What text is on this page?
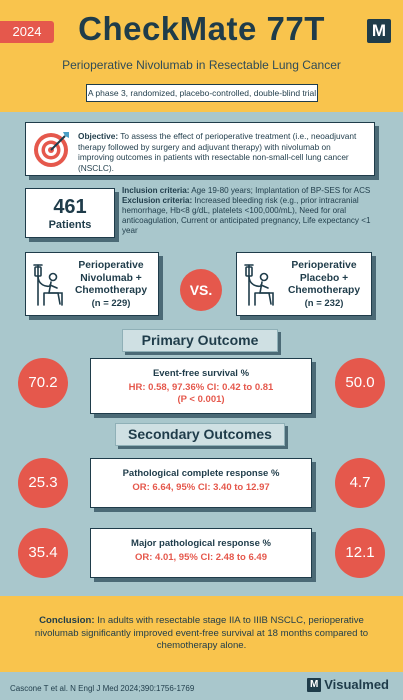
2024	CheckMate 77T	M
Perioperative Nivolumab in Resectable Lung Cancer
A phase 3, randomized, placebo-controlled, double-blind trial
Objective: To assess the effect of perioperative treatment (i.e., neoadjuvant therapy followed by surgery and adjuvant therapy) with nivolumab on improving outcomes in patients with resectable non-small-cell lung cancer (NSCLC).
461
Patients
Inclusion criteria: Age 19-80 years; Implantation of BP-SES for ACS
Exclusion criteria: Increased bleeding risk (e.g., prior intracranial hemorrhage, Hb<8 g/dL, platelets <100,000/mL), Need for oral anticoagulation, Current or anticipated pregnancy, Life expectancy <1 year
Perioperative
Nivolumab +
Chemotherapy
(n = 229)
VS.
Perioperative
Placebo +
Chemotherapy
(n = 232)
Primary Outcome
70.2
Event-free survival %
HR: 0.58, 97.36% CI: 0.42 to 0.81
(P < 0.001)
50.0
Secondary Outcomes
25.3
Pathological complete response %
OR: 6.64, 95% CI: 3.40 to 12.97	4.7
35.4
Major pathological response %
OR: 4.01, 95% CI: 2.48 to 6.49	12.1
Conclusion: In adults with resectable stage IIA to IIIB NSCLC, perioperative nivolumab significantly improved event-free survival at 18 months compared to chemotherapy alone.
Cascone T et al. N Engl J Med 2024;390:1756-1769	M Visualmed
